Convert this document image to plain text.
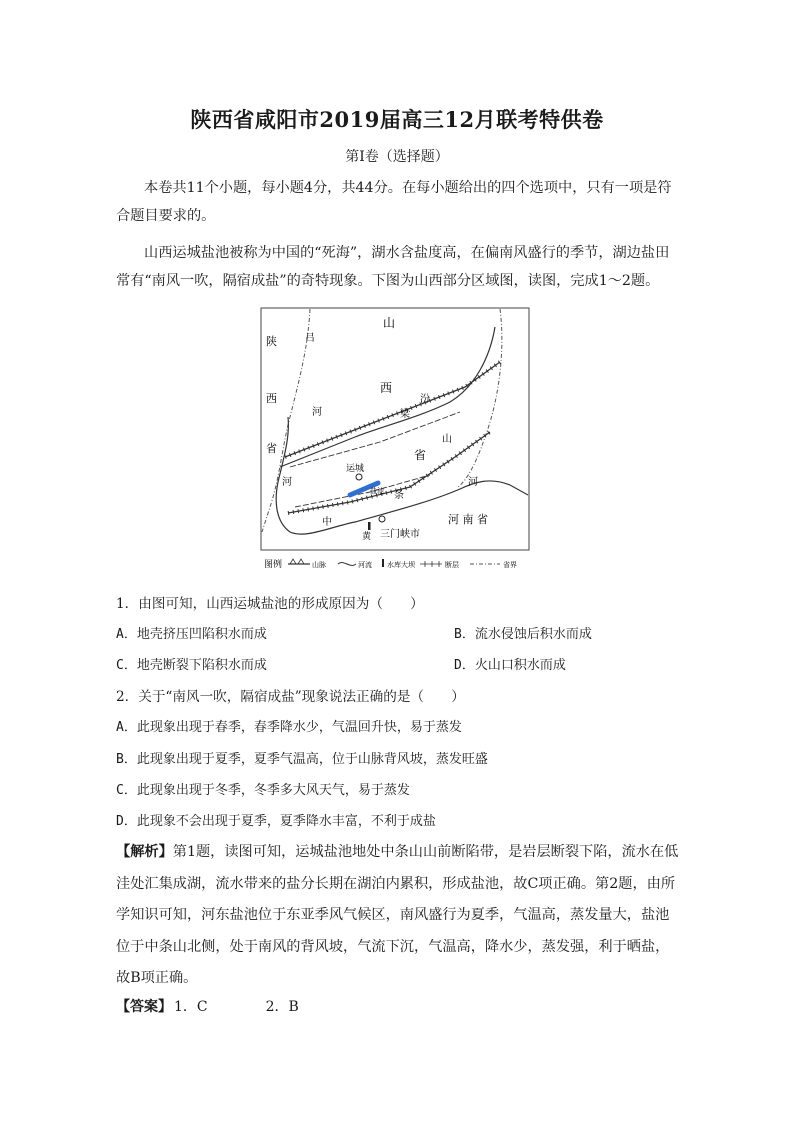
陕西省咸阳市2019届高三12月联考特供卷
第Ⅰ卷（选择题）
本卷共11个小题，每小题4分，共44分。在每小题给出的四个选项中，只有一项是符合题目要求的。
山西运城盐池被称为中国的“死海”，湖水含盐度高，在偏南风盛行的季节，湖边盐田常有“南风一吹，隔宿成盐”的奇特现象。下图为山西部分区域图，读图，完成1～2题。
陕
西
省
山
西
省
汾
河
河
吕
梁
山
运城
盐池
中
条
黄
河
河 南 省
三门峡市
图例	山脉	河流 水库大坝	断层	省界
1．由图可知，山西运城盐池的形成原因为（　　）
A．地壳挤压凹陷积水而成	B．流水侵蚀后积水而成
C．地壳断裂下陷积水而成	D．火山口积水而成
2．关于“南风一吹，隔宿成盐”现象说法正确的是（　　）
A．此现象出现于春季，春季降水少，气温回升快，易于蒸发
B．此现象出现于夏季，夏季气温高，位于山脉背风坡，蒸发旺盛
C．此现象出现于冬季，冬季多大风天气，易于蒸发
D．此现象不会出现于夏季，夏季降水丰富，不利于成盐
【解析】第1题，读图可知，运城盐池地处中条山山前断陷带，是岩层断裂下陷，流水在低洼处汇集成湖，流水带来的盐分长期在湖泊内累积，形成盐池，故C项正确。第2题，由所学知识可知，河东盐池位于东亚季风气候区，南风盛行为夏季，气温高，蒸发量大，盐池位于中条山北侧，处于南风的背风坡，气流下沉，气温高，降水少，蒸发强，利于晒盐，故B项正确。
【答案】 1．C	2．B
